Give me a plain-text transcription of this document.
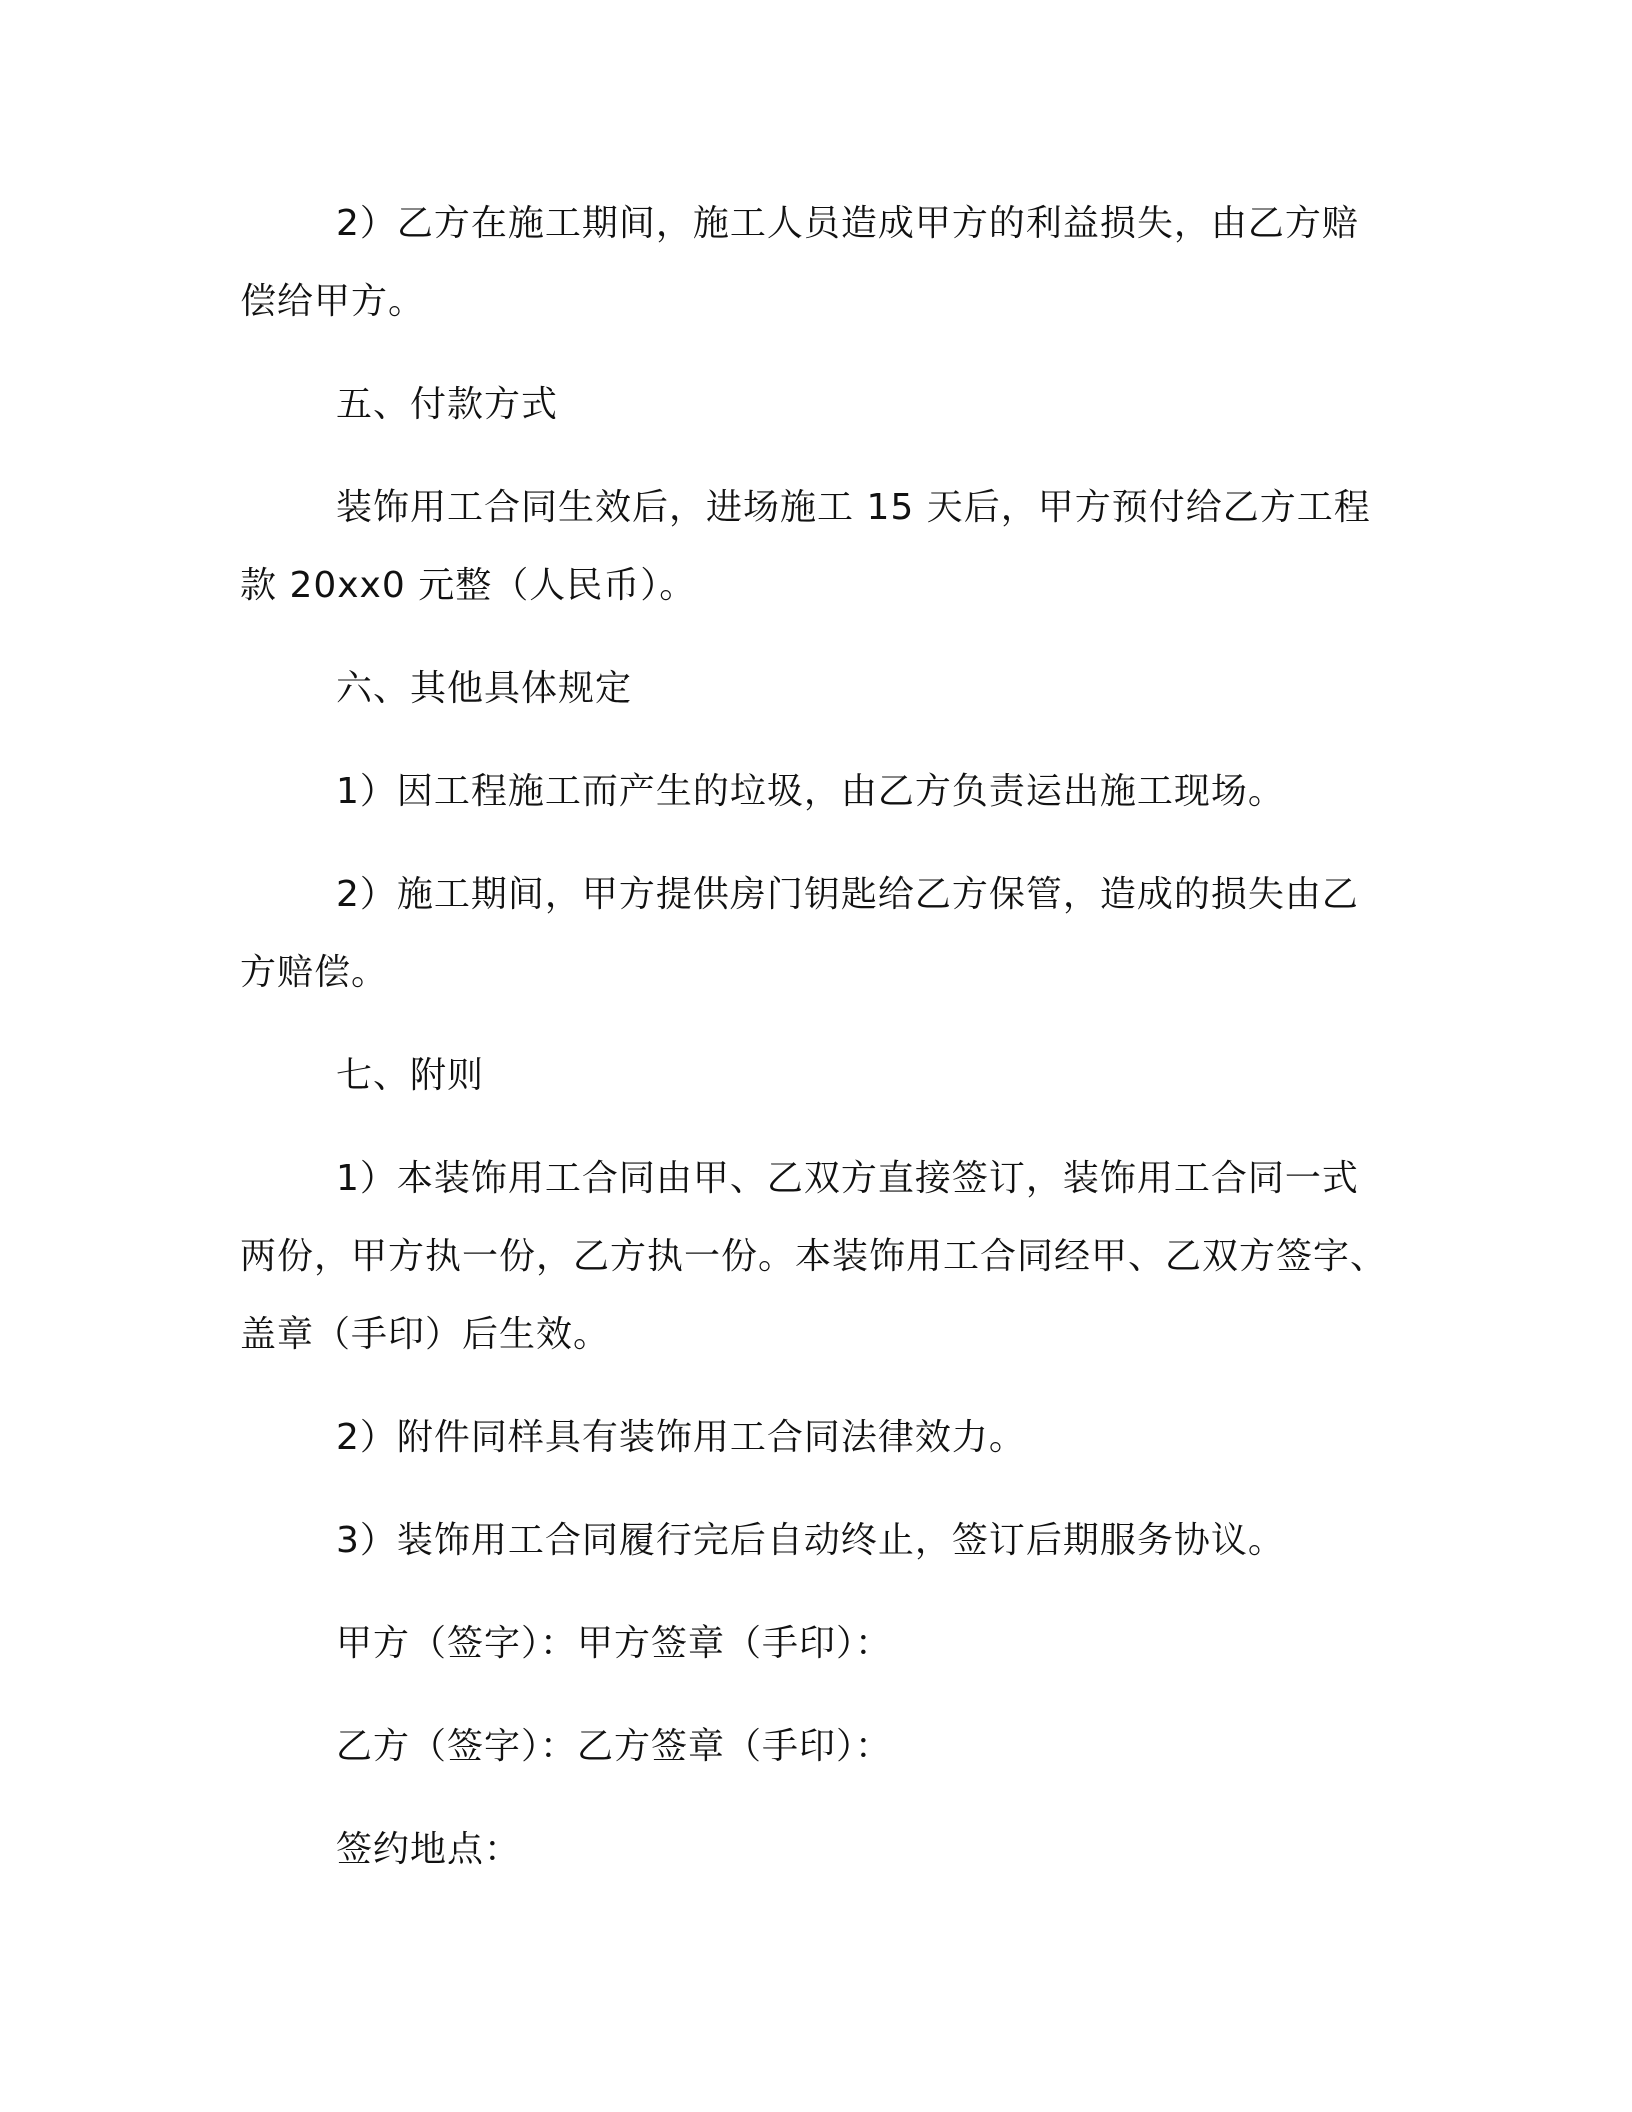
2）乙方在施工期间，施工人员造成甲方的利益损失，由乙方赔
偿给甲方。
五、付款方式
装饰用工合同生效后，进场施工 15 天后，甲方预付给乙方工程
款 20xx0 元整（人民币）。
六、其他具体规定
1）因工程施工而产生的垃圾，由乙方负责运出施工现场。
2）施工期间，甲方提供房门钥匙给乙方保管，造成的损失由乙
方赔偿。
七、附则
1）本装饰用工合同由甲、乙双方直接签订，装饰用工合同一式
两份，甲方执一份，乙方执一份。本装饰用工合同经甲、乙双方签字、
盖章（手印）后生效。
2）附件同样具有装饰用工合同法律效力。
3）装饰用工合同履行完后自动终止，签订后期服务协议。
甲方（签字）：甲方签章（手印）：
乙方（签字）：乙方签章（手印）：
签约地点：
